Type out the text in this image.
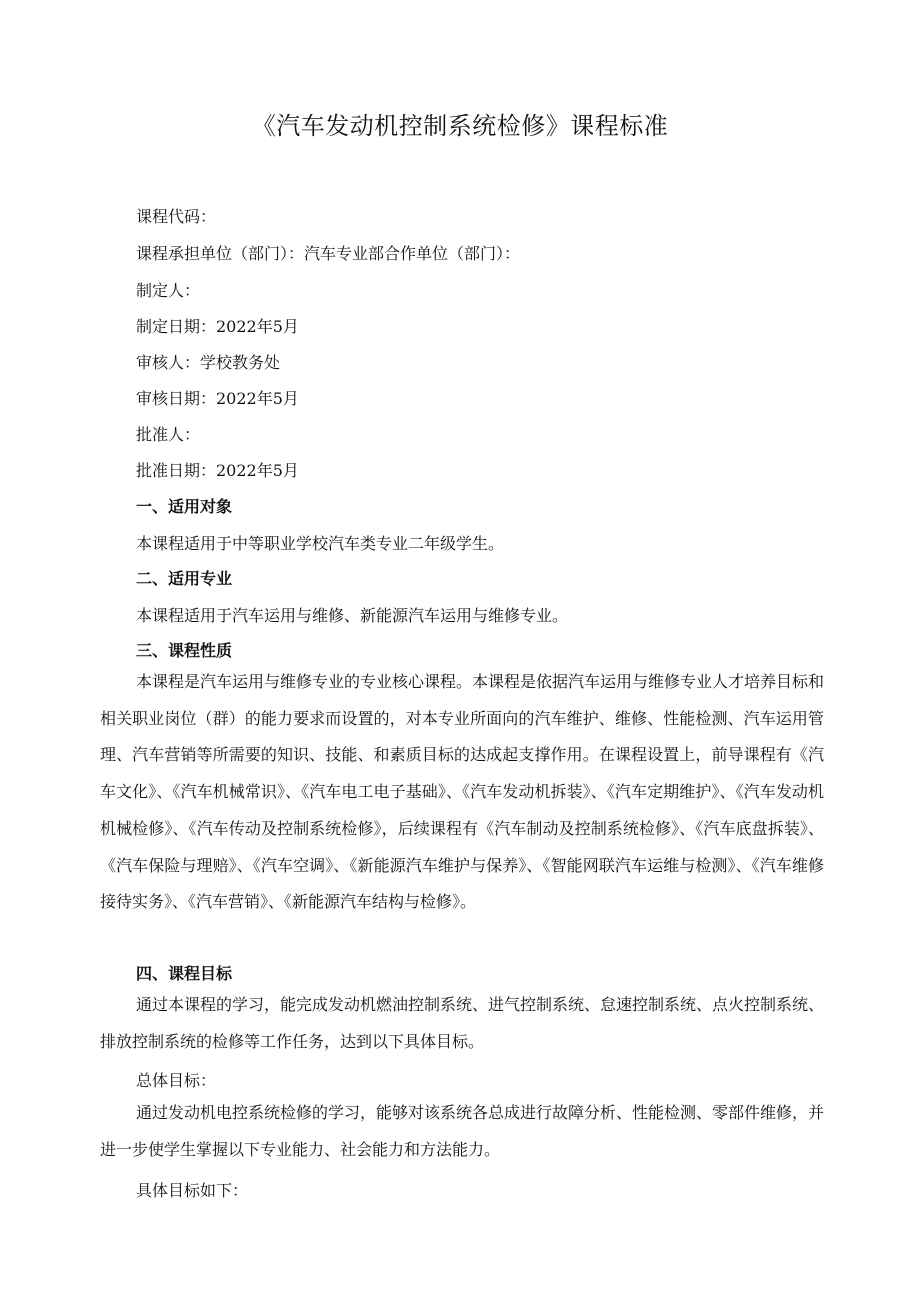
《汽车发动机控制系统检修》课程标准
课程代码：
课程承担单位（部门）：汽车专业部合作单位（部门）：
制定人：
制定日期：2022年5月
审核人：学校教务处
审核日期：2022年5月
批准人：
批准日期：2022年5月
一、适用对象
本课程适用于中等职业学校汽车类专业二年级学生。
二、适用专业
本课程适用于汽车运用与维修、新能源汽车运用与维修专业。
三、课程性质
本课程是汽车运用与维修专业的专业核心课程。本课程是依据汽车运用与维修专业人才培养目标和相关职业岗位（群）的能力要求而设置的，对本专业所面向的汽车维护、维修、性能检测、汽车运用管理、汽车营销等所需要的知识、技能、和素质目标的达成起支撑作用。在课程设置上，前导课程有《汽车文化》、《汽车机械常识》、《汽车电工电子基础》、《汽车发动机拆装》、《汽车定期维护》、《汽车发动机机械检修》、《汽车传动及控制系统检修》，后续课程有《汽车制动及控制系统检修》、《汽车底盘拆装》、《汽车保险与理赔》、《汽车空调》、《新能源汽车维护与保养》、《智能网联汽车运维与检测》、《汽车维修接待实务》、《汽车营销》、《新能源汽车结构与检修》。
四、课程目标
通过本课程的学习，能完成发动机燃油控制系统、进气控制系统、怠速控制系统、点火控制系统、排放控制系统的检修等工作任务，达到以下具体目标。
总体目标：
通过发动机电控系统检修的学习，能够对该系统各总成进行故障分析、性能检测、零部件维修，并进一步使学生掌握以下专业能力、社会能力和方法能力。
具体目标如下：
